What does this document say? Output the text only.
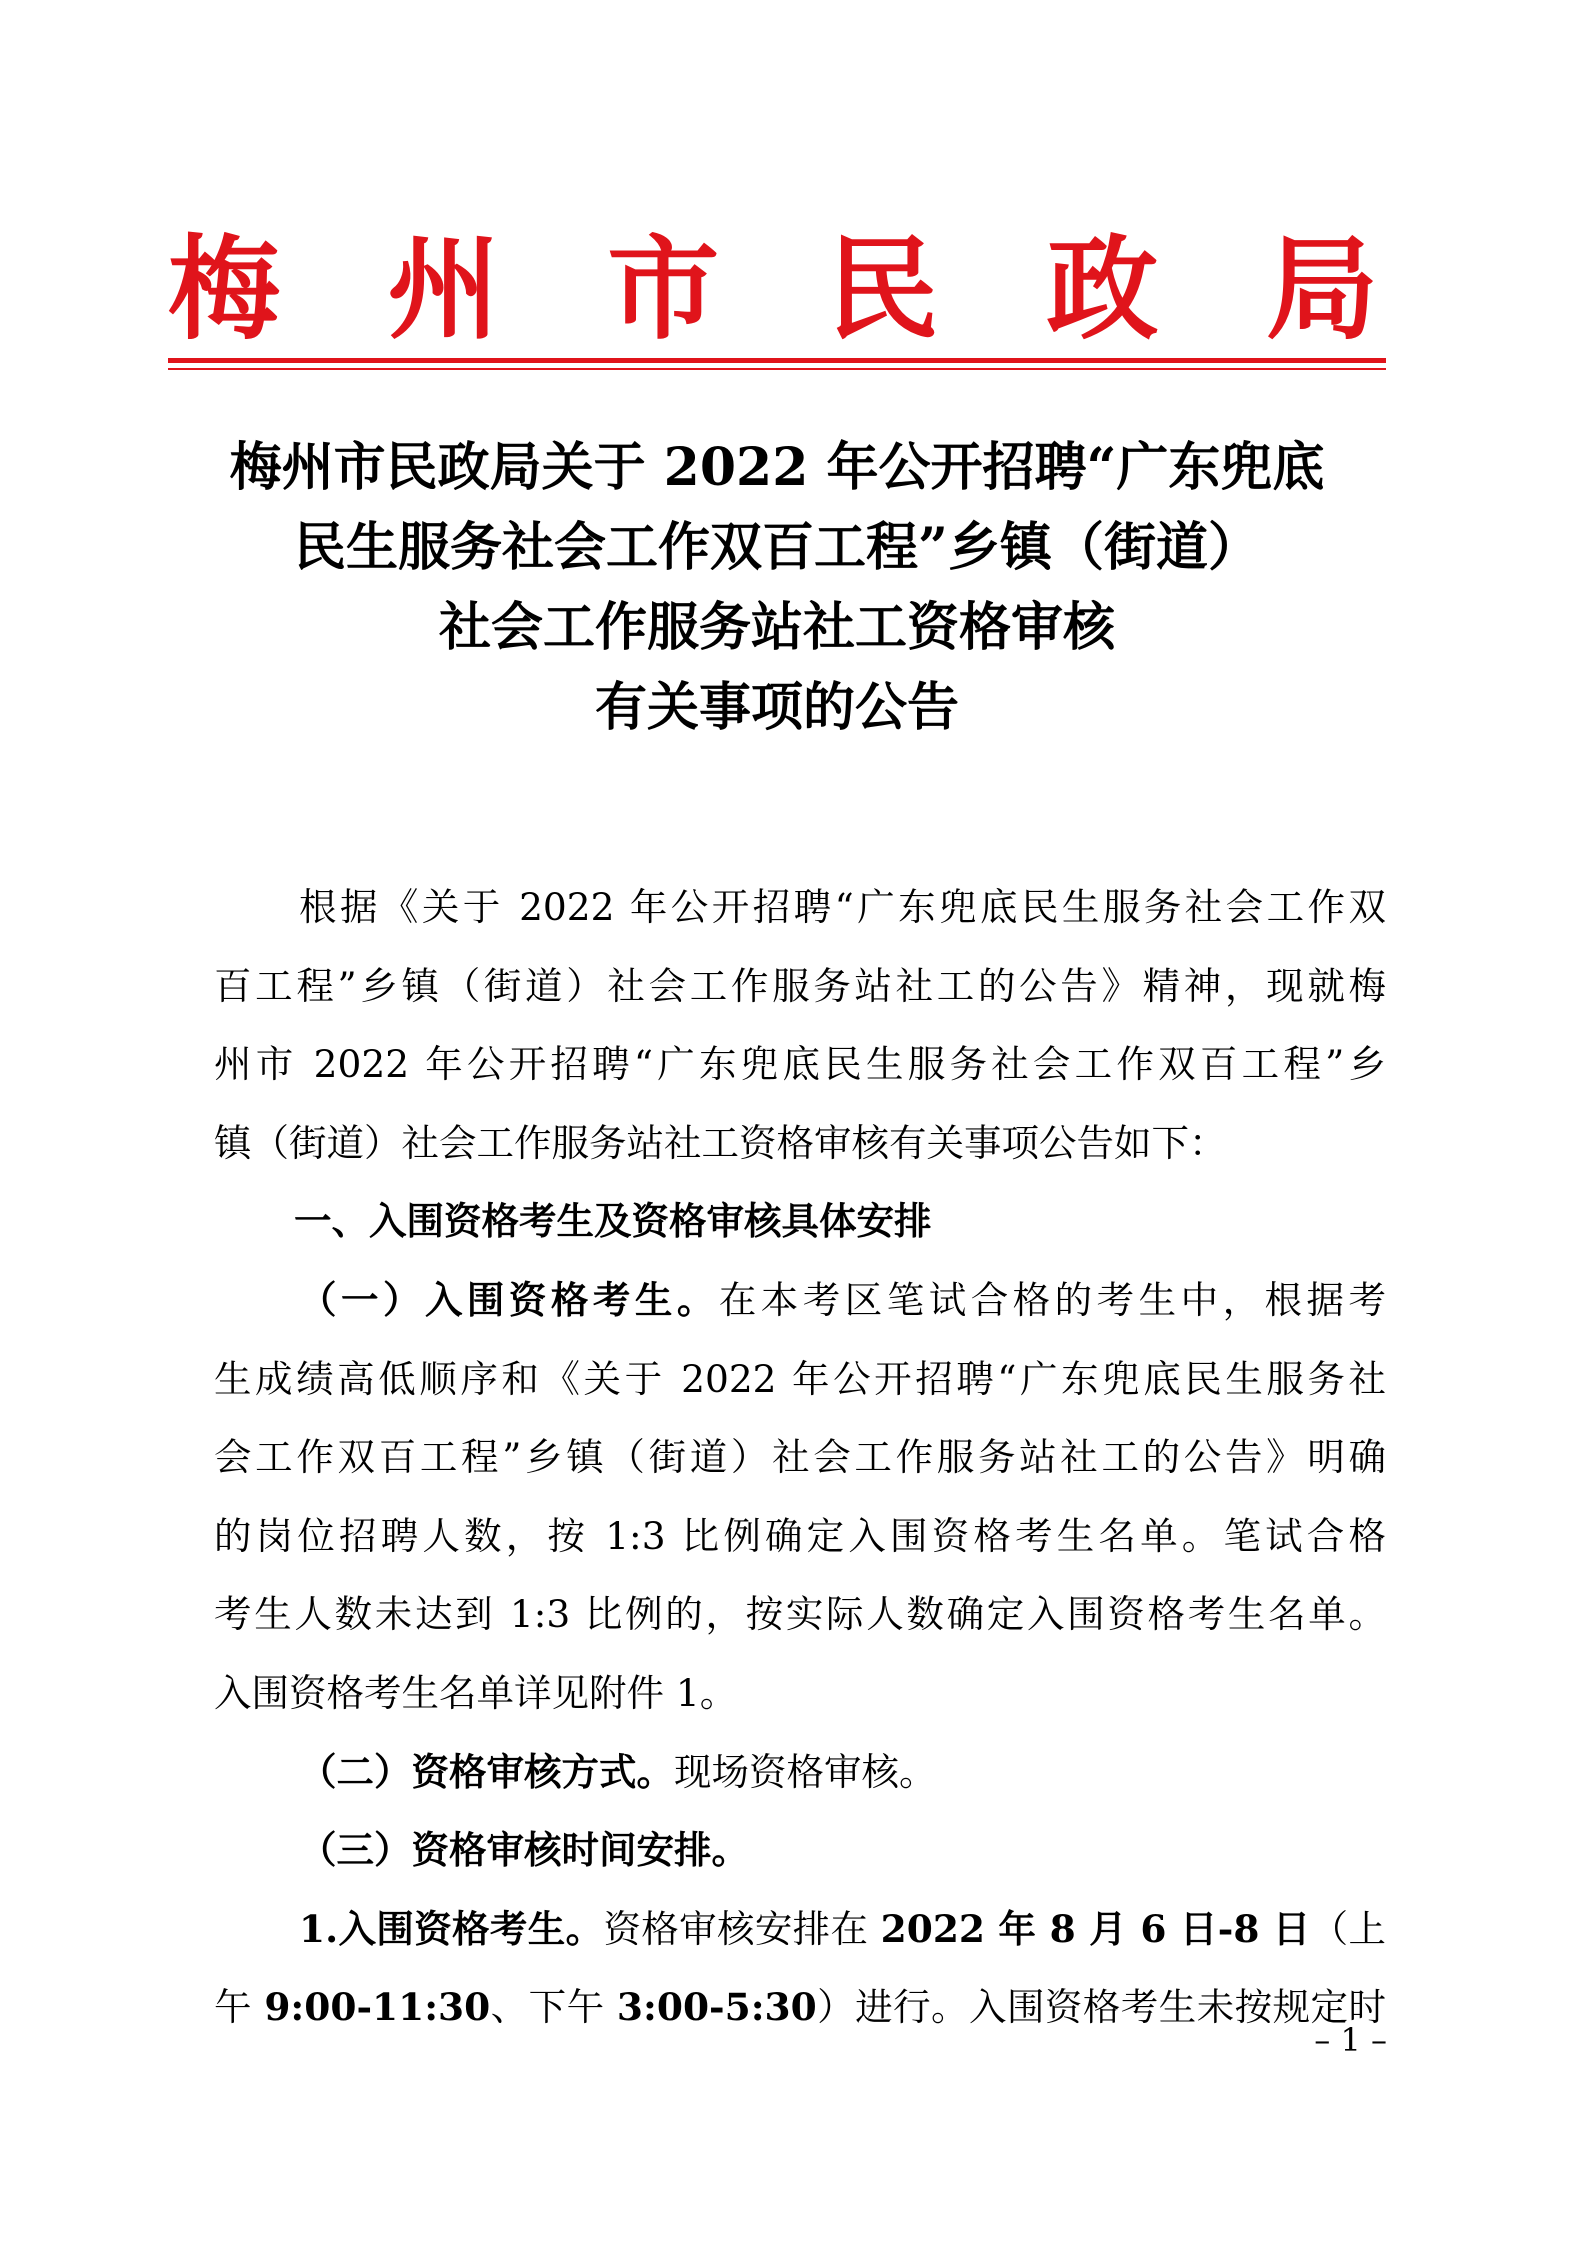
梅 州 市 民 政 局
梅州市民政局关于 2022 年公开招聘“广东兜底
民生服务社会工作双百工程”乡镇（街道）
社会工作服务站社工资格审核
有关事项的公告
根据《关于 2022 年公开招聘“广东兜底民生服务社会工作双
百工程”乡镇（街道）社会工作服务站社工的公告》精神，现就梅
州市 2022 年公开招聘“广东兜底民生服务社会工作双百工程”乡
镇（街道）社会工作服务站社工资格审核有关事项公告如下：
一、入围资格考生及资格审核具体安排
（一）入围资格考生。在本考区笔试合格的考生中，根据考
生成绩高低顺序和《关于 2022 年公开招聘“广东兜底民生服务社
会工作双百工程”乡镇（街道）社会工作服务站社工的公告》明确
的岗位招聘人数，按 1:3 比例确定入围资格考生名单。笔试合格
考生人数未达到 1:3 比例的，按实际人数确定入围资格考生名单。
入围资格考生名单详见附件 1。
（二）资格审核方式。现场资格审核。
（三）资格审核时间安排。
1.入围资格考生。资格审核安排在 2022 年 8 月 6 日-8 日（上
午 9:00-11:30、下午 3:00-5:30）进行。入围资格考生未按规定时
– 1 –
